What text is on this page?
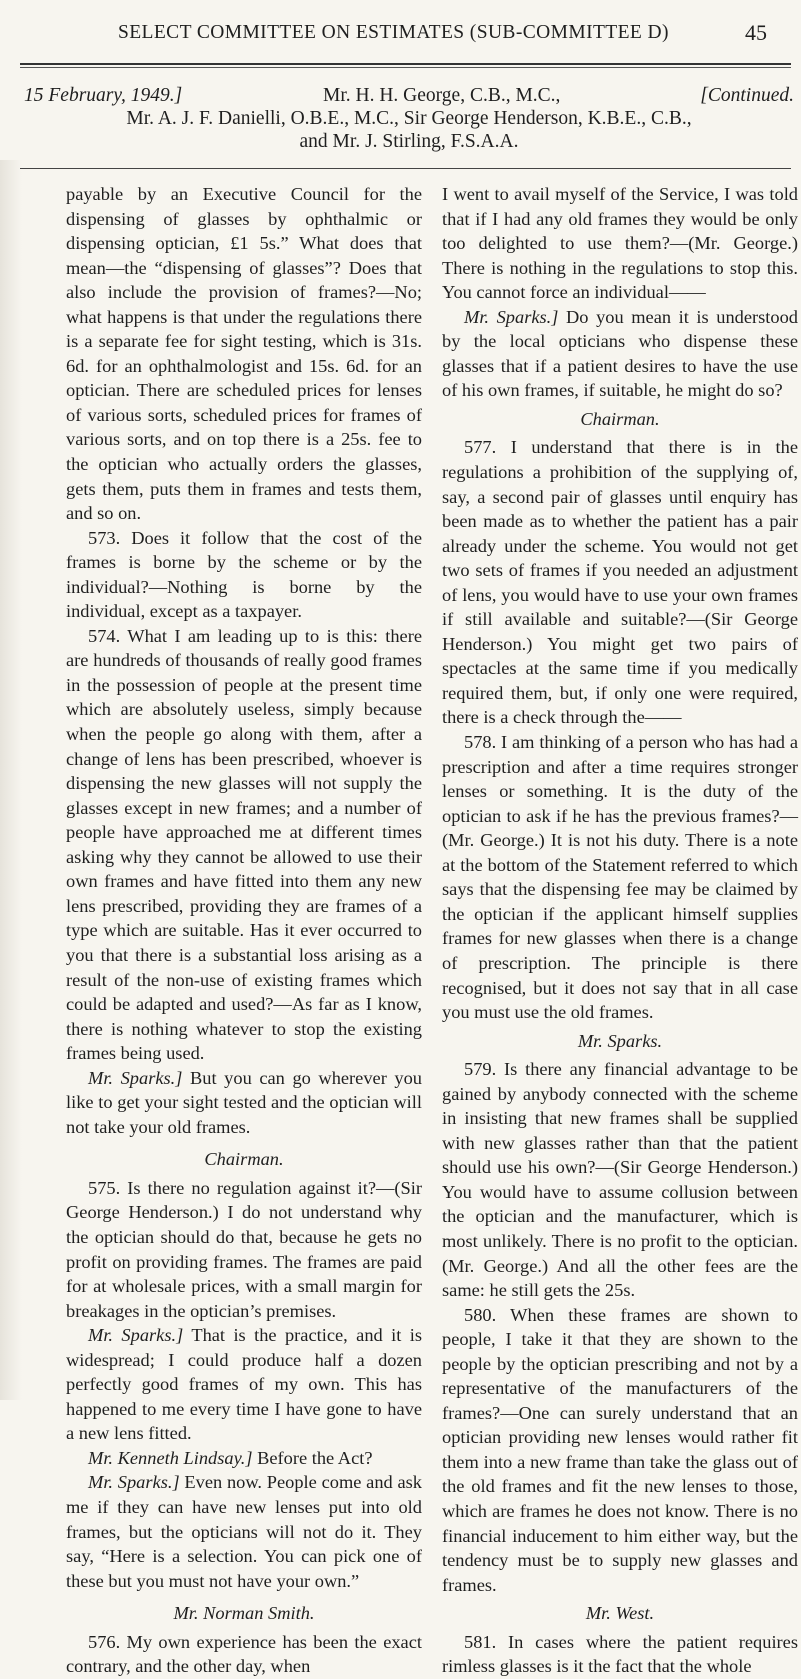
SELECT COMMITTEE ON ESTIMATES (SUB-COMMITTEE D)	45
15 February, 1949.]	Mr. H. H. George, C.B., M.C.,	[Continued.
Mr. A. J. F. Danielli, O.B.E., M.C., Sir George Henderson, K.B.E., C.B.,
and Mr. J. Stirling, F.S.A.A.

payable by an Executive Council for the dispensing of glasses by ophthalmic or dispensing optician, £1 5s.” What does that mean—the “dispensing of glasses”? Does that also include the provision of frames?—No; what happens is that under the regulations there is a separate fee for sight testing, which is 31s. 6d. for an ophthalmologist and 15s. 6d. for an optician. There are scheduled prices for lenses of various sorts, scheduled prices for frames of various sorts, and on top there is a 25s. fee to the optician who actually orders the glasses, gets them, puts them in frames and tests them, and so on.

573. Does it follow that the cost of the frames is borne by the scheme or by the individual?—Nothing is borne by the individual, except as a taxpayer.

574. What I am leading up to is this: there are hundreds of thousands of really good frames in the possession of people at the present time which are absolutely useless, simply because when the people go along with them, after a change of lens has been prescribed, whoever is dispensing the new glasses will not supply the glasses except in new frames; and a number of people have approached me at different times asking why they cannot be allowed to use their own frames and have fitted into them any new lens prescribed, providing they are frames of a type which are suitable. Has it ever occurred to you that there is a substantial loss arising as a result of the non-use of existing frames which could be adapted and used?—As far as I know, there is nothing whatever to stop the existing frames being used.

Mr. Sparks.] But you can go wherever you like to get your sight tested and the optician will not take your old frames.

Chairman.

575. Is there no regulation against it?—(Sir George Henderson.) I do not understand why the optician should do that, because he gets no profit on providing frames. The frames are paid for at wholesale prices, with a small margin for breakages in the optician’s premises.

Mr. Sparks.] That is the practice, and it is widespread; I could produce half a dozen perfectly good frames of my own. This has happened to me every time I have gone to have a new lens fitted.

Mr. Kenneth Lindsay.] Before the Act?

Mr. Sparks.] Even now. People come and ask me if they can have new lenses put into old frames, but the opticians will not do it. They say, “Here is a selection. You can pick one of these but you must not have your own.”

Mr. Norman Smith.

576. My own experience has been the exact contrary, and the other day, when

I went to avail myself of the Service, I was told that if I had any old frames they would be only too delighted to use them?—(Mr. George.) There is nothing in the regulations to stop this. You cannot force an individual——

Mr. Sparks.] Do you mean it is understood by the local opticians who dispense these glasses that if a patient desires to have the use of his own frames, if suitable, he might do so?

Chairman.

577. I understand that there is in the regulations a prohibition of the supplying of, say, a second pair of glasses until enquiry has been made as to whether the patient has a pair already under the scheme. You would not get two sets of frames if you needed an adjustment of lens, you would have to use your own frames if still available and suitable?—(Sir George Henderson.) You might get two pairs of spectacles at the same time if you medically required them, but, if only one were required, there is a check through the——

578. I am thinking of a person who has had a prescription and after a time requires stronger lenses or something. It is the duty of the optician to ask if he has the previous frames?—(Mr. George.) It is not his duty. There is a note at the bottom of the Statement referred to which says that the dispensing fee may be claimed by the optician if the applicant himself supplies frames for new glasses when there is a change of prescription. The principle is there recognised, but it does not say that in all case you must use the old frames.

Mr. Sparks.

579. Is there any financial advantage to be gained by anybody connected with the scheme in insisting that new frames shall be supplied with new glasses rather than that the patient should use his own?—(Sir George Henderson.) You would have to assume collusion between the optician and the manufacturer, which is most unlikely. There is no profit to the optician. (Mr. George.) And all the other fees are the same: he still gets the 25s.

580. When these frames are shown to people, I take it that they are shown to the people by the optician prescribing and not by a representative of the manufacturers of the frames?—One can surely understand that an optician providing new lenses would rather fit them into a new frame than take the glass out of the old frames and fit the new lenses to those, which are frames he does not know. There is no financial inducement to him either way, but the tendency must be to supply new glasses and frames.

Mr. West.

581. In cases where the patient requires rimless glasses is it the fact that the whole
